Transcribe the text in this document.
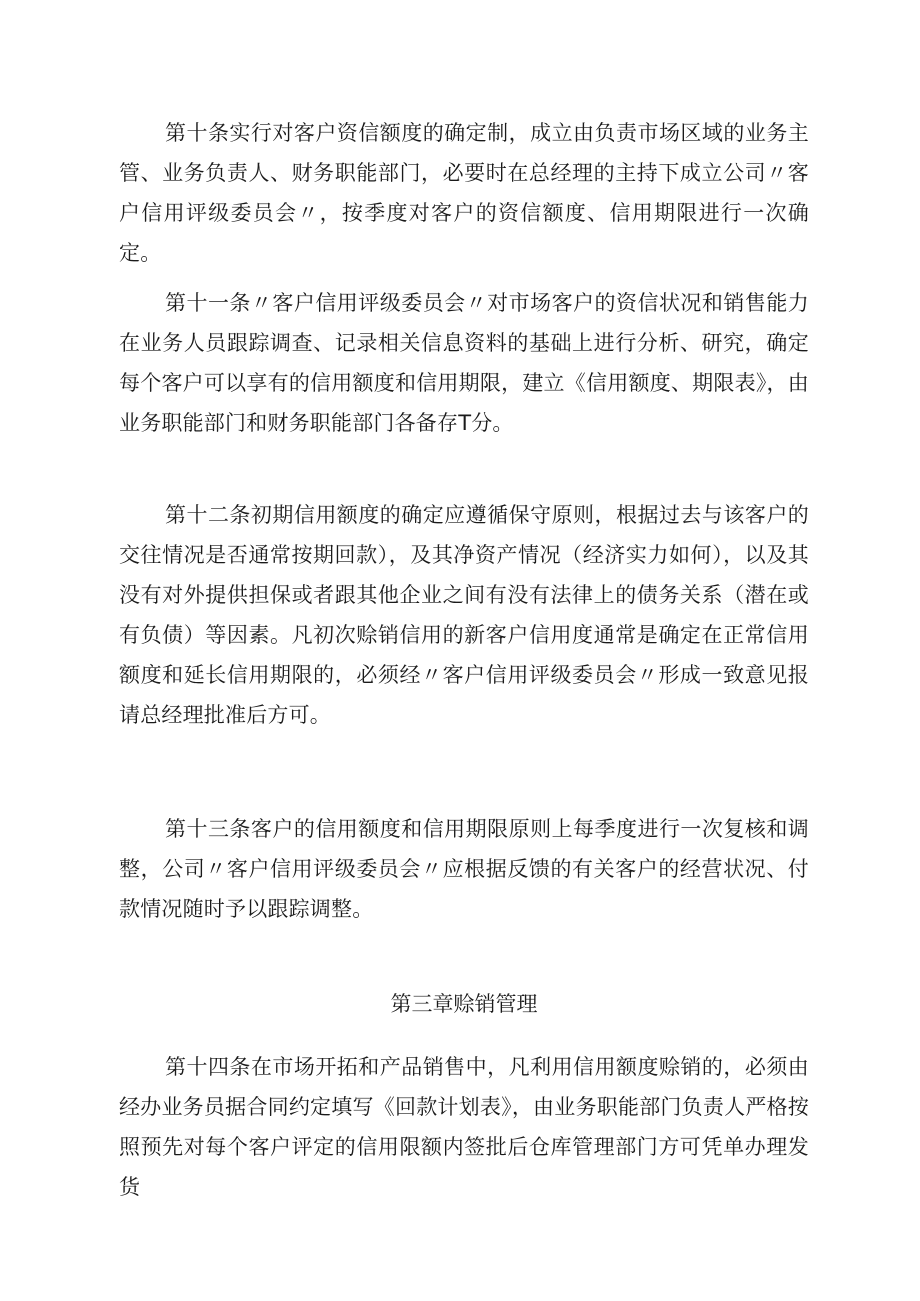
第十条实行对客户资信额度的确定制，成立由负责市场区域的业务主管、业务负责人、财务职能部门，必要时在总经理的主持下成立公司〃客户信用评级委员会〃，按季度对客户的资信额度、信用期限进行一次确定。

第十一条〃客户信用评级委员会〃对市场客户的资信状况和销售能力在业务人员跟踪调查、记录相关信息资料的基础上进行分析、研究，确定每个客户可以享有的信用额度和信用期限，建立《信用额度、期限表》，由业务职能部门和财务职能部门各备存T分。

第十二条初期信用额度的确定应遵循保守原则，根据过去与该客户的交往情况是否通常按期回款），及其净资产情况（经济实力如何），以及其没有对外提供担保或者跟其他企业之间有没有法律上的债务关系（潜在或有负债）等因素。凡初次赊销信用的新客户信用度通常是确定在正常信用额度和延长信用期限的，必须经〃客户信用评级委员会〃形成一致意见报请总经理批准后方可。

第十三条客户的信用额度和信用期限原则上每季度进行一次复核和调整，公司〃客户信用评级委员会〃应根据反馈的有关客户的经营状况、付款情况随时予以跟踪调整。

第三章赊销管理

第十四条在市场开拓和产品销售中，凡利用信用额度赊销的，必须由经办业务员据合同约定填写《回款计划表》，由业务职能部门负责人严格按照预先对每个客户评定的信用限额内签批后仓库管理部门方可凭单办理发货
